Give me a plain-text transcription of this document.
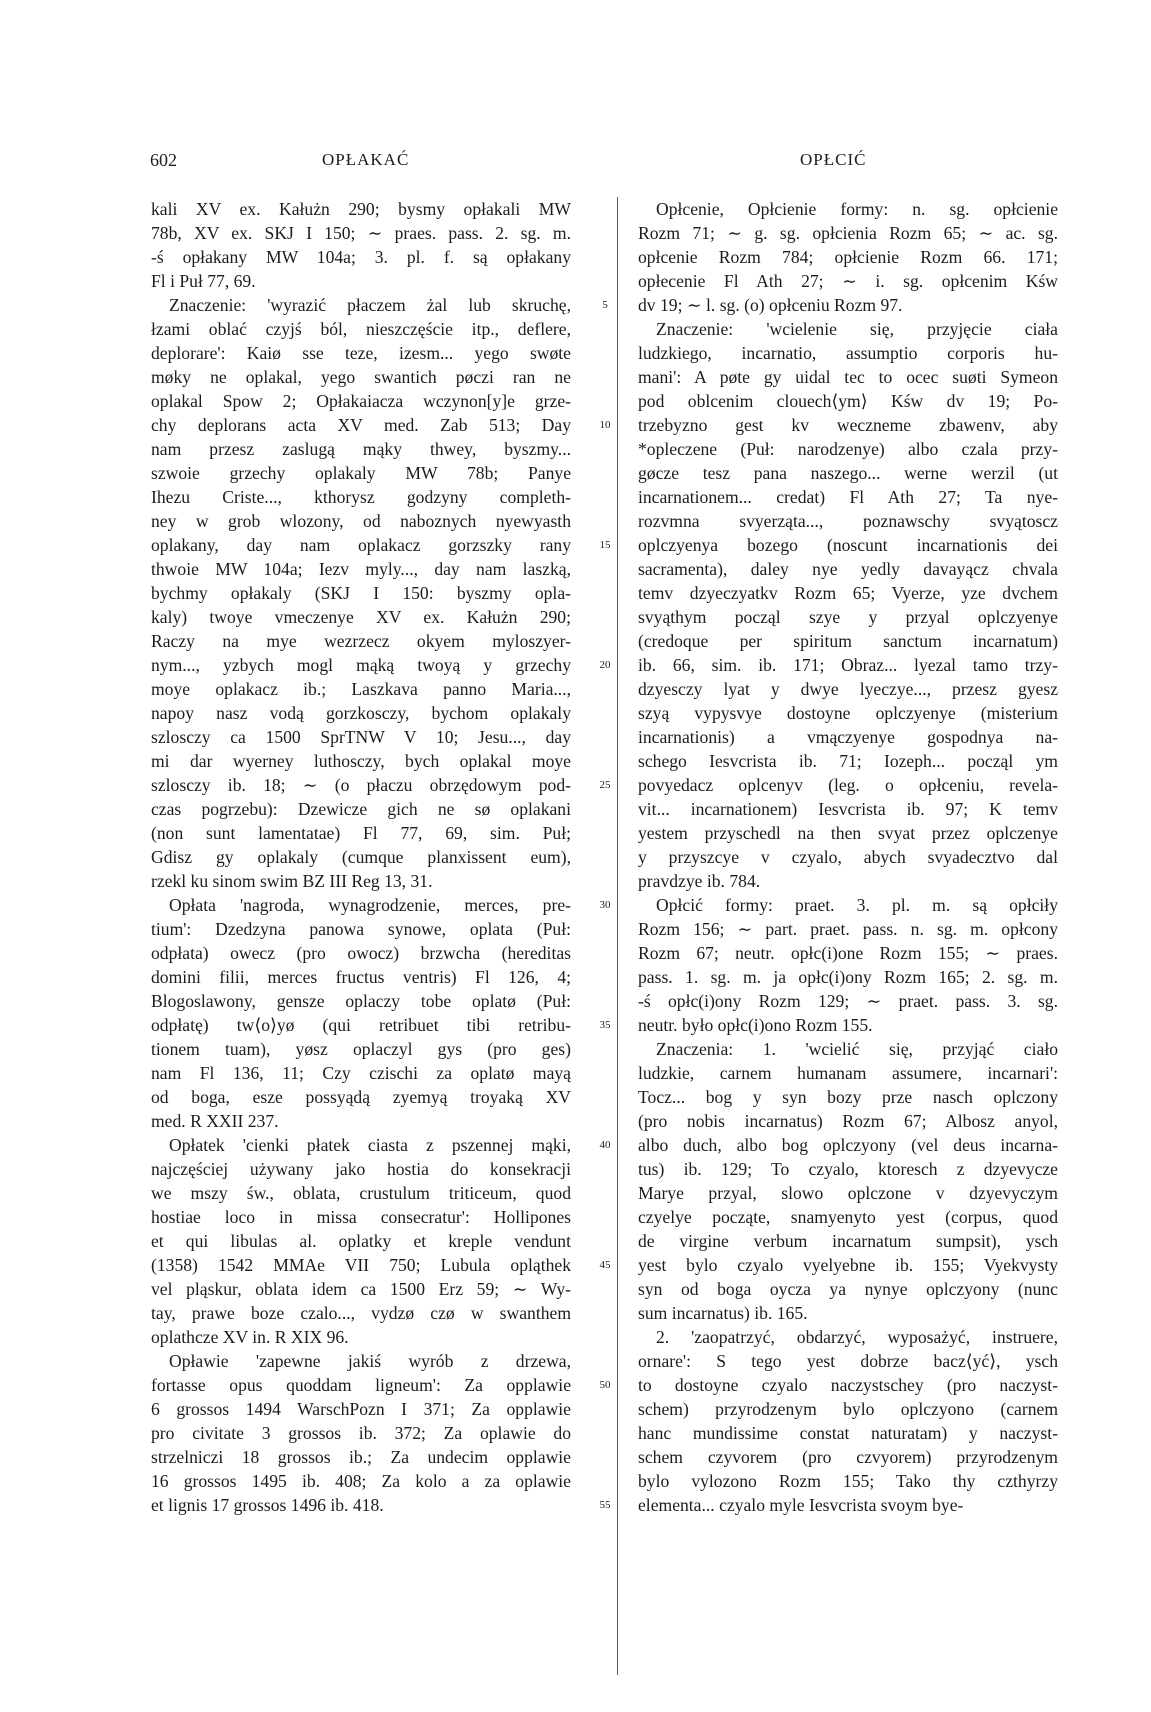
602	OPŁAKAĆ	OPŁCIĆ
kali XV ex. Kałużn 290; bysmy opłakali MW
78b, XV ex. SKJ I 150; ∼ praes. pass. 2. sg. m.
-ś opłakany MW 104a; 3. pl. f. są opłakany
Fl i Puł 77, 69.
Znaczenie: 'wyrazić płaczem żal lub skruchę,
łzami oblać czyjś ból, nieszczęście itp., deflere,
deplorare': Kaiø sse teze, izesm... yego swøte
møky ne oplakal, yego swantich pøczi ran ne
oplakal Spow 2; Opłakaiacza wczynon[y]e grze-
chy deplorans acta XV med. Zab 513; Day
nam przesz zaslugą mąky thwey, byszmy...
szwoie grzechy oplakaly MW 78b; Panye
Ihezu Criste..., kthorysz godzyny completh-
ney w grob wlozony, od naboznych nyewyasth
oplakany, day nam oplakacz gorzszky rany
thwoie MW 104a; Iezv myly..., day nam laszką,
bychmy opłakaly (SKJ I 150: byszmy opla-
kaly) twoye vmeczenye XV ex. Kałużn 290;
Raczy na mye wezrzecz okyem myloszyer-
nym..., yzbych mogl mąką twoyą y grzechy
moye oplakacz ib.; Laszkava panno Maria...,
napoy nasz vodą gorzkosczy, bychom oplakaly
szlosczy ca 1500 SprTNW V 10; Jesu..., day
mi dar wyerney luthosczy, bych oplakal moye
szlosczy ib. 18; ∼ (o płaczu obrzędowym pod-
czas pogrzebu): Dzewicze gich ne sø oplakani
(non sunt lamentatae) Fl 77, 69, sim. Puł;
Gdisz gy oplakaly (cumque planxissent eum),
rzekl ku sinom swim BZ III Reg 13, 31.
Opłata 'nagroda, wynagrodzenie, merces, pre-
tium': Dzedzyna panowa synowe, oplata (Puł:
odpłata) owecz (pro owocz) brzwcha (hereditas
domini filii, merces fructus ventris) Fl 126, 4;
Blogoslawony, gensze oplaczy tobe oplatø (Puł:
odpłatę) tw⟨o⟩yø (qui retribuet tibi retribu-
tionem tuam), yøsz oplaczyl gys (pro ges)
nam Fl 136, 11; Czy czischi za oplatø mayą
od boga, esze possyądą zyemyą troyaką XV
med. R XXII 237.
Opłatek 'cienki płatek ciasta z pszennej mąki,
najczęściej używany jako hostia do konsekracji
we mszy św., oblata, crustulum triticeum, quod
hostiae loco in missa consecratur': Hollipones
et qui libulas al. oplatky et kreple vendunt
(1358) 1542 MMAe VII 750; Lubula opląthek
vel pląskur, oblata idem ca 1500 Erz 59; ∼ Wy-
tay, prawe boze czalo..., vydzø czø w swanthem
oplathcze XV in. R XIX 96.
Opławie 'zapewne jakiś wyrób z drzewa,
fortasse opus quoddam ligneum': Za opplawie
6 grossos 1494 WarschPozn I 371; Za opplawie
pro civitate 3 grossos ib. 372; Za oplawie do
strzelniczi 18 grossos ib.; Za undecim opplawie
16 grossos 1495 ib. 408; Za kolo a za oplawie
et lignis 17 grossos 1496 ib. 418.
Opłcenie, Opłcienie formy: n. sg. opłcienie
Rozm 71; ∼ g. sg. opłcienia Rozm 65; ∼ ac. sg.
opłcenie Rozm 784; opłcienie Rozm 66. 171;
opłecenie Fl Ath 27; ∼ i. sg. opłcenim Kśw
dv 19; ∼ l. sg. (o) opłceniu Rozm 97.
Znaczenie: 'wcielenie się, przyjęcie ciała
ludzkiego, incarnatio, assumptio corporis hu-
mani': A pøte gy uidal tec to ocec suøti Symeon
pod oblcenim clouech⟨ym⟩ Kśw dv 19; Po-
trzebyzno gest kv weczneme zbawenv, aby
*opleczene (Puł: narodzenye) albo czala przy-
gøcze tesz pana naszego... werne werzil (ut
incarnationem... credat) Fl Ath 27; Ta nye-
rozvmna svyerząta..., poznawschy svyątoscz
oplczyenya bozego (noscunt incarnationis dei
sacramenta), daley nye yedly davayącz chvala
temv dzyeczyatkv Rozm 65; Vyerze, yze dvchem
svyąthym począl szye y przyal oplczyenye
(credoque per spiritum sanctum incarnatum)
ib. 66, sim. ib. 171; Obraz... lyezal tamo trzy-
dzyesczy lyat y dwye lyeczye..., przesz gyesz
szyą vypysvye dostoyne oplczyenye (misterium
incarnationis) a vmączyenye gospodnya na-
schego Iesvcrista ib. 71; Iozeph... począl ym
povyedacz oplcenyv (leg. o opłceniu, revela-
vit... incarnationem) Iesvcrista ib. 97; K temv
yestem przyschedl na then svyat przez oplczenye
y przyszcye v czyalo, abych svyadecztvo dal
pravdzye ib. 784.
Opłcić formy: praet. 3. pl. m. są opłciły
Rozm 156; ∼ part. praet. pass. n. sg. m. opłcony
Rozm 67; neutr. opłc(i)one Rozm 155; ∼ praes.
pass. 1. sg. m. ja opłc(i)ony Rozm 165; 2. sg. m.
-ś opłc(i)ony Rozm 129; ∼ praet. pass. 3. sg.
neutr. było opłc(i)ono Rozm 155.
Znaczenia: 1. 'wcielić się, przyjąć ciało
ludzkie, carnem humanam assumere, incarnari':
Tocz... bog y syn bozy prze nasch oplczony
(pro nobis incarnatus) Rozm 67; Albosz anyol,
albo duch, albo bog oplczyony (vel deus incarna-
tus) ib. 129; To czyalo, ktoresch z dzyevycze
Marye przyal, slowo oplczone v dzyevyczym
czyelye począte, snamyenyto yest (corpus, quod
de virgine verbum incarnatum sumpsit), ysch
yest bylo czyalo vyelyebne ib. 155; Vyekvysty
syn od boga oycza ya nynye oplczyony (nunc
sum incarnatus) ib. 165.
2. 'zaopatrzyć, obdarzyć, wyposażyć, instruere,
ornare': S tego yest dobrze bacz⟨yć⟩, ysch
to dostoyne czyalo naczystschey (pro naczyst-
schem) przyrodzenym bylo oplczyono (carnem
hanc mundissime constat naturatam) y naczyst-
schem czyvorem (pro czvyorem) przyrodzenym
bylo vylozono Rozm 155; Tako thy czthyrzy
elementa... czyalo myle Iesvcrista svoym bye-
5
10
15
20
25
30
35
40
45
50
55
